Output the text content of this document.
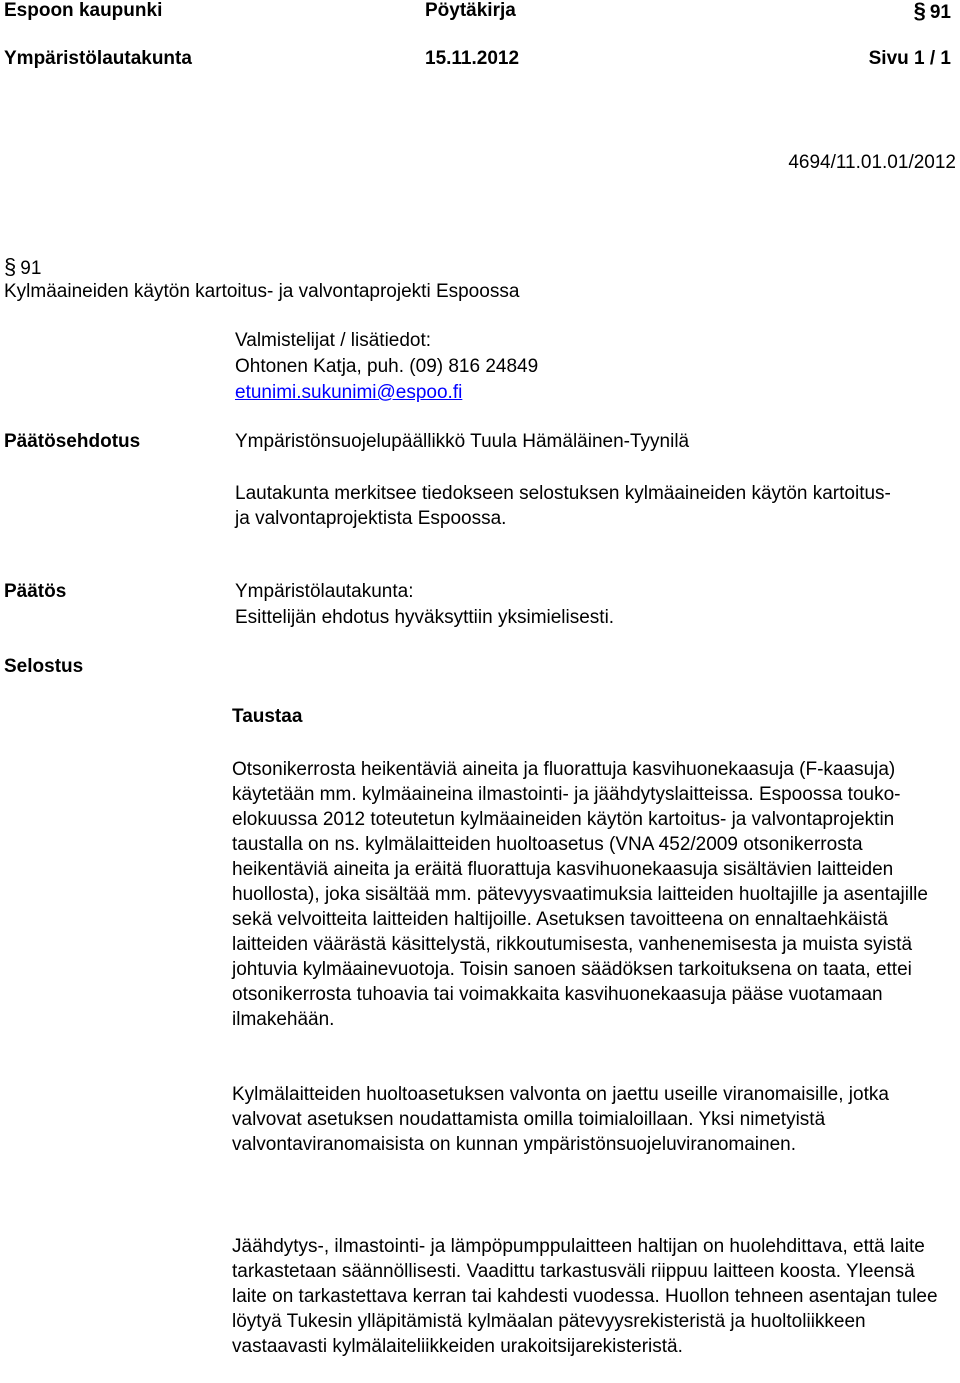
Espoon kaupunki	Pöytäkirja	§ 91
Ympäristölautakunta	15.11.2012	Sivu 1 / 1
4694/11.01.01/2012
§ 91
Kylmäaineiden käytön kartoitus- ja valvontaprojekti Espoossa
Valmistelijat / lisätiedot:
Ohtonen Katja, puh. (09) 816 24849
etunimi.sukunimi@espoo.fi
Päätösehdotus	Ympäristönsuojelupäällikkö Tuula Hämäläinen-Tyynilä
Lautakunta merkitsee tiedokseen selostuksen kylmäaineiden käytön kartoitus- ja valvontaprojektista Espoossa.
Päätös	Ympäristölautakunta:
Esittelijän ehdotus hyväksyttiin yksimielisesti.
Selostus
Taustaa
Otsonikerrosta heikentäviä aineita ja fluorattuja kasvihuonekaasuja (F-kaasuja) käytetään mm. kylmäaineina ilmastointi- ja jäähdytyslaitteissa. Espoossa touko-elokuussa 2012 toteutetun kylmäaineiden käytön kartoitus- ja valvontaprojektin taustalla on ns. kylmälaitteiden huoltoasetus (VNA 452/2009 otsonikerrosta heikentäviä aineita ja eräitä fluorattuja kasvihuonekaasuja sisältävien laitteiden huollosta), joka sisältää mm. pätevyysvaatimuksia laitteiden huoltajille ja asentajille sekä velvoitteita laitteiden haltijoille. Asetuksen tavoitteena on ennaltaehkäistä laitteiden väärästä käsittelystä, rikkoutumisesta, vanhenemisesta ja muista syistä johtuvia kylmäainevuotoja. Toisin sanoen säädöksen tarkoituksena on taata, ettei otsonikerrosta tuhoavia tai voimakkaita kasvihuonekaasuja pääse vuotamaan ilmakehään.
Kylmälaitteiden huoltoasetuksen valvonta on jaettu useille viranomaisille, jotka valvovat asetuksen noudattamista omilla toimialoillaan. Yksi nimetyistä valvontaviranomaisista on kunnan ympäristönsuojeluviranomainen.
Jäähdytys-, ilmastointi- ja lämpöpumppulaitteen haltijan on huolehdittava, että laite tarkastetaan säännöllisesti. Vaadittu tarkastusväli riippuu laitteen koosta. Yleensä laite on tarkastettava kerran tai kahdesti vuodessa. Huollon tehneen asentajan tulee löytyä Tukesin ylläpitämistä kylmäalan pätevyysrekisteristä ja huoltoliikkeen vastaavasti kylmälaiteliikkeiden urakoitsijarekisteristä.
